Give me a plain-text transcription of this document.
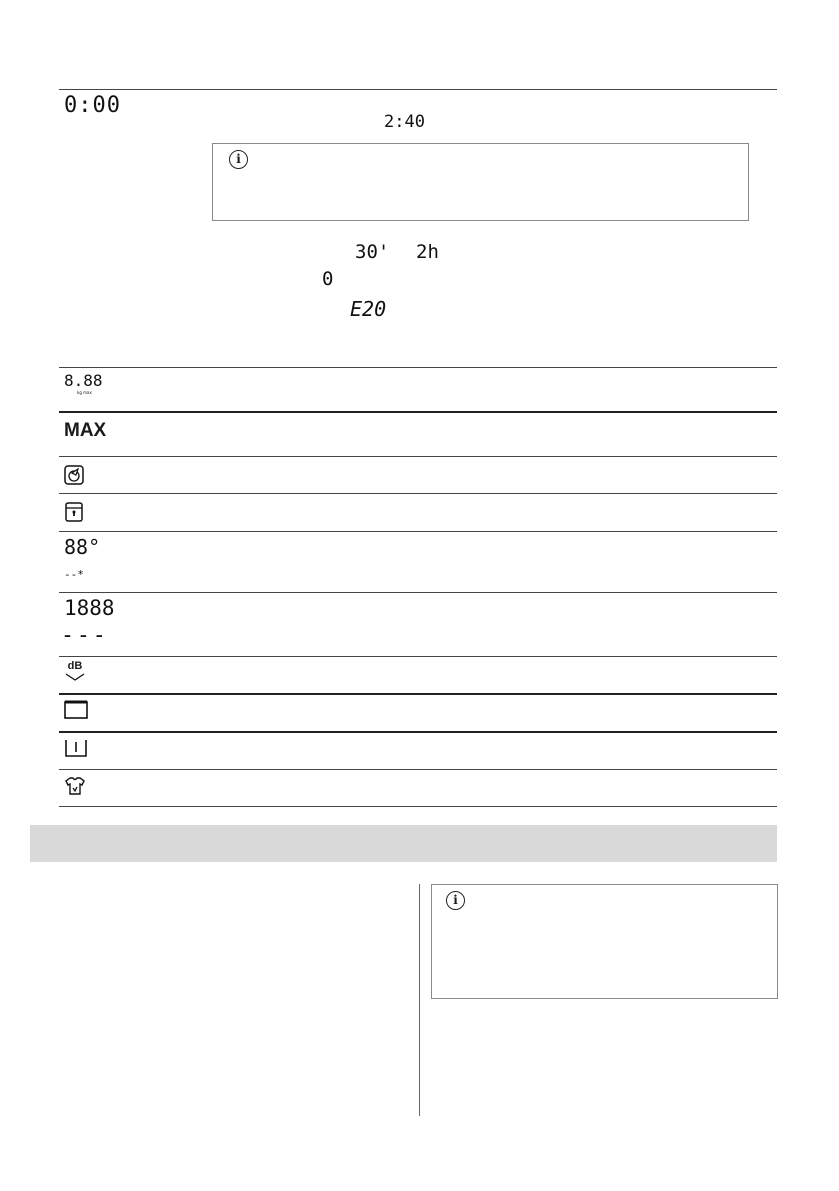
0:00
2:40
i
30' 2h
0
E20
8.88
kg max
MAX
88°
--*
1888
– – –
dB
i
